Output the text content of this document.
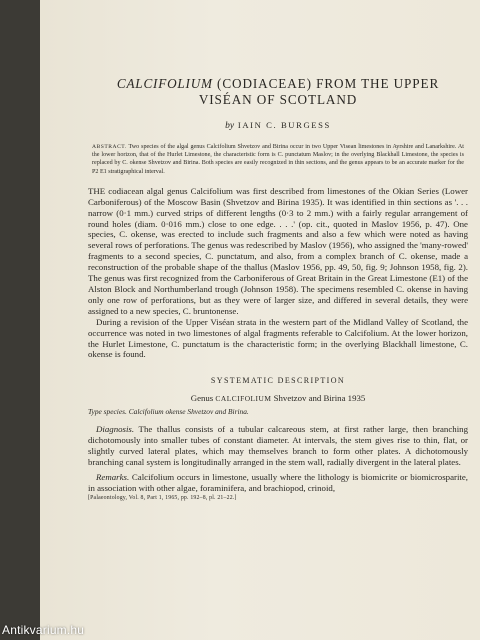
CALCIFOLIUM (CODIACEAE) FROM THE UPPER
VISÉAN OF SCOTLAND
by IAIN C. BURGESS
ABSTRACT. Two species of the algal genus Calcifolium Shvetzov and Birina occur in two Upper Visean limestones in Ayrshire and Lanarkshire. At the lower horizon, that of the Hurlet Limestone, the characteristic form is C. punctatum Maslov; in the overlying Blackhall Limestone, the species is replaced by C. okense Shvetzov and Birina. Both species are easily recognized in thin sections, and the genus appears to be an accurate marker for the P2 E1 stratigraphical interval.

THE codiacean algal genus Calcifolium was first described from limestones of the Okian Series (Lower Carboniferous) of the Moscow Basin (Shvetzov and Birina 1935). It was identified in thin sections as '. . . narrow (0·1 mm.) curved strips of different lengths (0·3 to 2 mm.) with a fairly regular arrangement of round holes (diam. 0·016 mm.) close to one edge. . . .' (op. cit., quoted in Maslov 1956, p. 47). One species, C. okense, was erected to include such fragments and also a few which were noted as having several rows of perforations. The genus was redescribed by Maslov (1956), who assigned the 'many-rowed' fragments to a second species, C. punctatum, and also, from a complex branch of C. okense, made a reconstruction of the probable shape of the thallus (Maslov 1956, pp. 49, 50, fig. 9; Johnson 1958, fig. 2). The genus was first recognized from the Carboniferous of Great Britain in the Great Limestone (E1) of the Alston Block and Northumberland trough (Johnson 1958). The specimens resembled C. okense in having only one row of perforations, but as they were of larger size, and differed in several details, they were assigned to a new species, C. bruntonense.

During a revision of the Upper Viséan strata in the western part of the Midland Valley of Scotland, the occurrence was noted in two limestones of algal fragments referable to Calcifolium. At the lower horizon, the Hurlet Limestone, C. punctatum is the characteristic form; in the overlying Blackhall limestone, C. okense is found.

SYSTEMATIC DESCRIPTION
Genus CALCIFOLIUM Shvetzov and Birina 1935
Type species. Calcifolium okense Shvetzov and Birina.

Diagnosis. The thallus consists of a tubular calcareous stem, at first rather large, then branching dichotomously into smaller tubes of constant diameter. At intervals, the stem gives rise to thin, flat, or slightly curved lateral plates, which may themselves branch to form other plates. A dichotomously branching canal system is longitudinally arranged in the stem wall, radially divergent in the lateral plates.

Remarks. Calcifolium occurs in limestone, usually where the lithology is biomicrite or biomicrosparite, in association with other algae, foraminifera, and brachiopod, crinoid,

[Palaeontology, Vol. 8, Part 1, 1965, pp. 192–8, pl. 21–22.]
Antikvarium.hu
